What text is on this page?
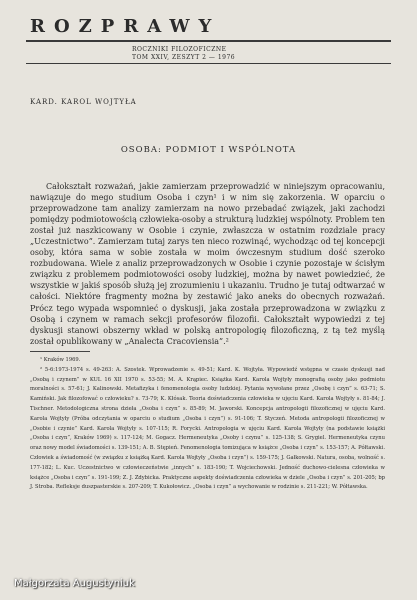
ROZPRAWY
ROCZNIKI FILOZOFICZNE
TOM XXIV, ZESZYT 2 — 1976
KARD. KAROL WOJTYŁA
OSOBA: PODMIOT I WSPÓLNOTA

Całokształt rozważań, jakie zamierzam przeprowadzić w niniejszym opracowaniu, nawiązuje do mego studium Osoba i czyn¹ i w nim się zakorzenia. W oparciu o przeprowadzone tam analizy zamierzam na nowo przebadać związek, jaki zachodzi pomiędzy podmiotowością człowieka-osoby a strukturą ludzkiej wspólnoty. Problem ten został już naszkicowany w Osobie i czynie, zwłaszcza w ostatnim rozdziale pracy „Uczestnictwo”. Zamierzam tutaj zarys ten nieco rozwinąć, wychodząc od tej koncepcji osoby, która sama w sobie została w moim ówczesnym studium dość szeroko rozbudowana. Wiele z analiz przeprowadzonych w Osobie i czynie pozostaje w ścisłym związku z problemem podmiotowości osoby ludzkiej, można by nawet powiedzieć, że wszystkie w jakiś sposób służą jej zrozumieniu i ukazaniu. Trudno je tutaj odtwarzać w całości. Niektóre fragmenty można by zestawić jako aneks do obecnych rozważań. Prócz tego wypada wspomnieć o dyskusji, jaka została przeprowadzona w związku z Osobą i czynem w ramach sekcji profesorów filozofii. Całokształt wypowiedzi z tej dyskusji stanowi obszerny wkład w polską antropologię filozoficzną, z tą też myślą został opublikowany w „Analecta Cracoviensia”.²

¹ Kraków 1969.
² 5-6:1973-1974 s. 49-263: A. Szostek. Wprowadzenie s. 49-51; Kard. K. Wojtyła. Wypowiedź wstępna w czasie dyskusji nad „Osobą i czynem” w KUL 16 XII 1970 s. 53-55; M. A. Krąpiec. Książka Kard. Karola Wojtyły monografią osoby jako podmiotu moralności s. 57-61; J. Kalinowski. Metafizyka i fenomenologia osoby ludzkiej. Pytania wywołane przez „Osobę i czyn” s. 63-71; S. Kamiński. Jak filozofować o człowieku? s. 73-79; K. Kłósak. Teoria doświadczenia człowieka w ujęciu Kard. Karola Wojtyły s. 81-84; J. Tischner. Metodologiczna strona dzieła „Osoba i czyn” s. 85-89; M. Jaworski. Koncepcja antropologii filozoficznej w ujęciu Kard. Karola Wojtyły (Próba odczytania w oparciu o studium „Osoba i czyn”) s. 91-106; T. Styczeń. Metoda antropologii filozoficznej w „Osobie i czynie” Kard. Karola Wojtyły s. 107-115; R. Forycki. Antropologia w ujęciu Kard. Karola Wojtyły (na podstawie książki „Osoba i czyn”, Kraków 1969) s. 117-124; M. Gogacz. Hermeneutyka „Osoby i czynu” s. 125-138; S. Grygiel. Hermeneutyka czynu oraz nowy model świadomości s. 139-151; A. B. Stępień. Fenomenologia tomizująca w książce „Osoba i czyn” s. 153-157; A. Półtawski. Człowiek a świadomość (w związku z książką Kard. Karola Wojtyły „Osoba i czyn”) s. 159-175; J. Gałkowski. Natura, osoba, wolność s. 177-182; L. Kuc. Uczestnictwo w człowieczeństwie „innych” s. 183-190; T. Wojciechowski. Jedność duchowo-cielesna człowieka w książce „Osoba i czyn” s. 191-199; Z. J. Zdybicka. Praktyczne aspekty doświadczenia człowieka w dziele „Osoba i czyn” s. 201-205; bp J. Stroba. Refleksje duszpasterskie s. 207-209; T. Kukołowicz. „Osoba i czyn” a wychowanie w rodzinie s. 211-221; W. Półtawska.
Małgorzata Augustyniuk
